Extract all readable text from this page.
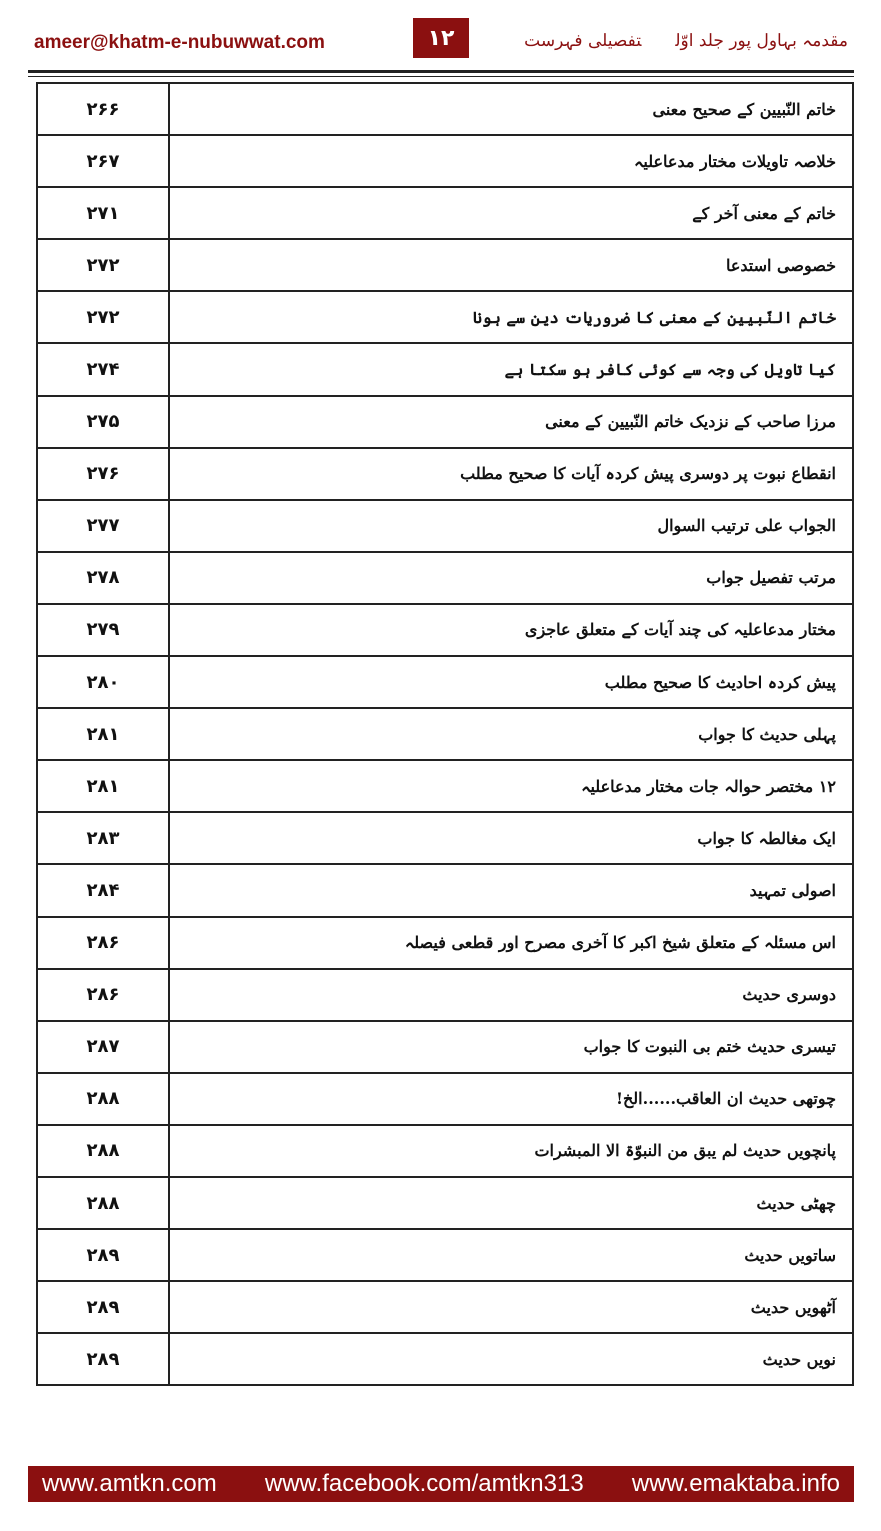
ameer@khatm-e-nubuwwat.com	۱۲	مقدمہ بہاول پور جلد اوّلتفصیلی فہرست
۲۶۶	خاتم النّبیین کے صحیح معنی
۲۶۷	خلاصہ تاویلات مختار مدعاعلیہ
۲۷۱	خاتم کے معنی آخر کے
۲۷۲	خصوصی استدعا
۲۷۲	خاتم النّبیین کے معنی کا ضروریات دین سے ہونا
۲۷۴	کیا تاویل کی وجہ سے کوئی کافر ہو سکتا ہے
۲۷۵	مرزا صاحب کے نزدیک خاتم النّبیین کے معنی
۲۷۶	انقطاع نبوت پر دوسری پیش کردہ آیات کا صحیح مطلب
۲۷۷	الجواب علی ترتیب السوال
۲۷۸	مرتب تفصیل جواب
۲۷۹	مختار مدعاعلیہ کی چند آیات کے متعلق عاجزی
۲۸۰	پیش کردہ احادیث کا صحیح مطلب
۲۸۱	پہلی حدیث کا جواب
۲۸۱	۱۲ مختصر حوالہ جات مختار مدعاعلیہ
۲۸۳	ایک مغالطہ کا جواب
۲۸۴	اصولی تمہید
۲۸۶	اس مسئلہ کے متعلق شیخ اکبر کا آخری مصرح اور قطعی فیصلہ
۲۸۶	دوسری حدیث
۲۸۷	تیسری حدیث ختم بی النبوت کا جواب
۲۸۸	چوتھی حدیث ان العاقب......الخ!
۲۸۸	پانچویں حدیث لم یبق من النبوّۃ الا المبشرات
۲۸۸	چھٹی حدیث
۲۸۹	ساتویں حدیث
۲۸۹	آٹھویں حدیث
۲۸۹	نویں حدیث
www.amtkn.com www.facebook.com/amtkn313 www.emaktaba.info
